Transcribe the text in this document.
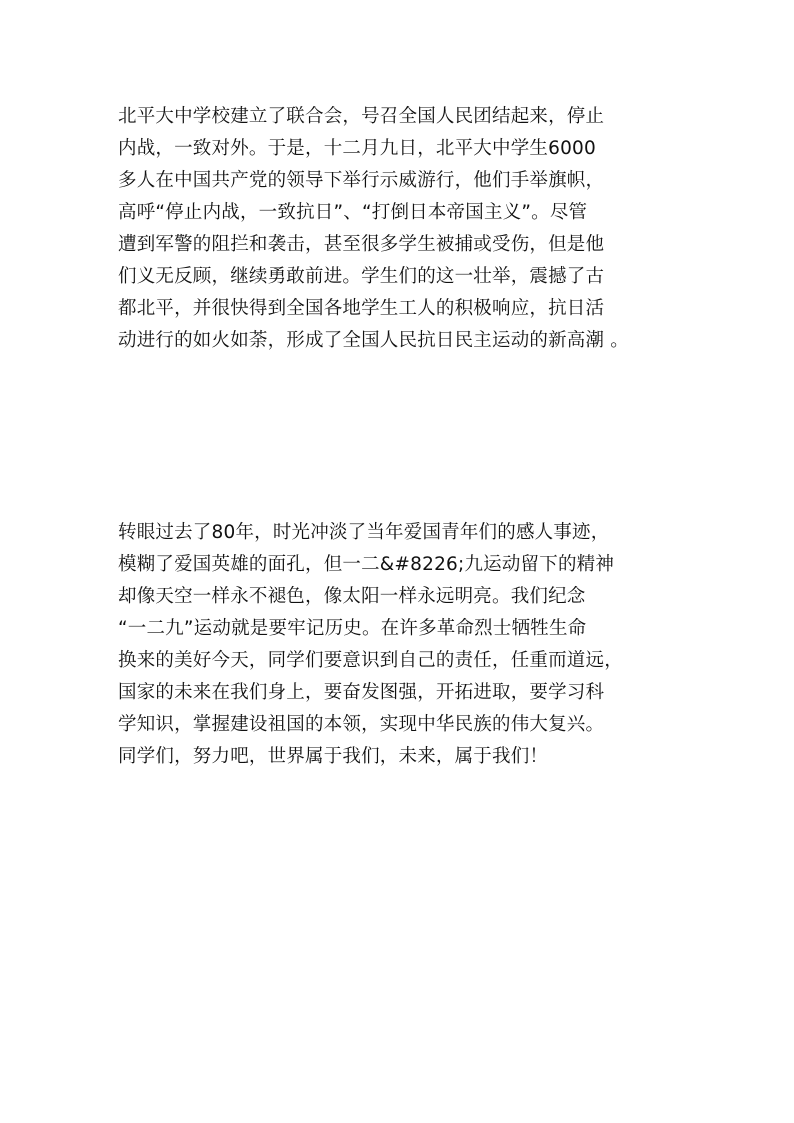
北平大中学校建立了联合会，号召全国人民团结起来，停止
内战，一致对外。于是，十二月九日，北平大中学生6000
多人在中国共产党的领导下举行示威游行，他们手举旗帜，
高呼“停止内战，一致抗日”、“打倒日本帝国主义”。尽管
遭到军警的阻拦和袭击，甚至很多学生被捕或受伤，但是他
们义无反顾，继续勇敢前进。学生们的这一壮举，震撼了古
都北平，并很快得到全国各地学生工人的积极响应，抗日活
动进行的如火如荼，形成了全国人民抗日民主运动的新高潮 。
转眼过去了80年，时光冲淡了当年爱国青年们的感人事迹，
模糊了爱国英雄的面孔，但一二&#8226;九运动留下的精神
却像天空一样永不褪色，像太阳一样永远明亮。我们纪念
“一二九”运动就是要牢记历史。在许多革命烈士牺牲生命
换来的美好今天，同学们要意识到自己的责任，任重而道远，
国家的未来在我们身上，要奋发图强，开拓进取，要学习科
学知识，掌握建设祖国的本领，实现中华民族的伟大复兴。
同学们，努力吧，世界属于我们，未来，属于我们！
